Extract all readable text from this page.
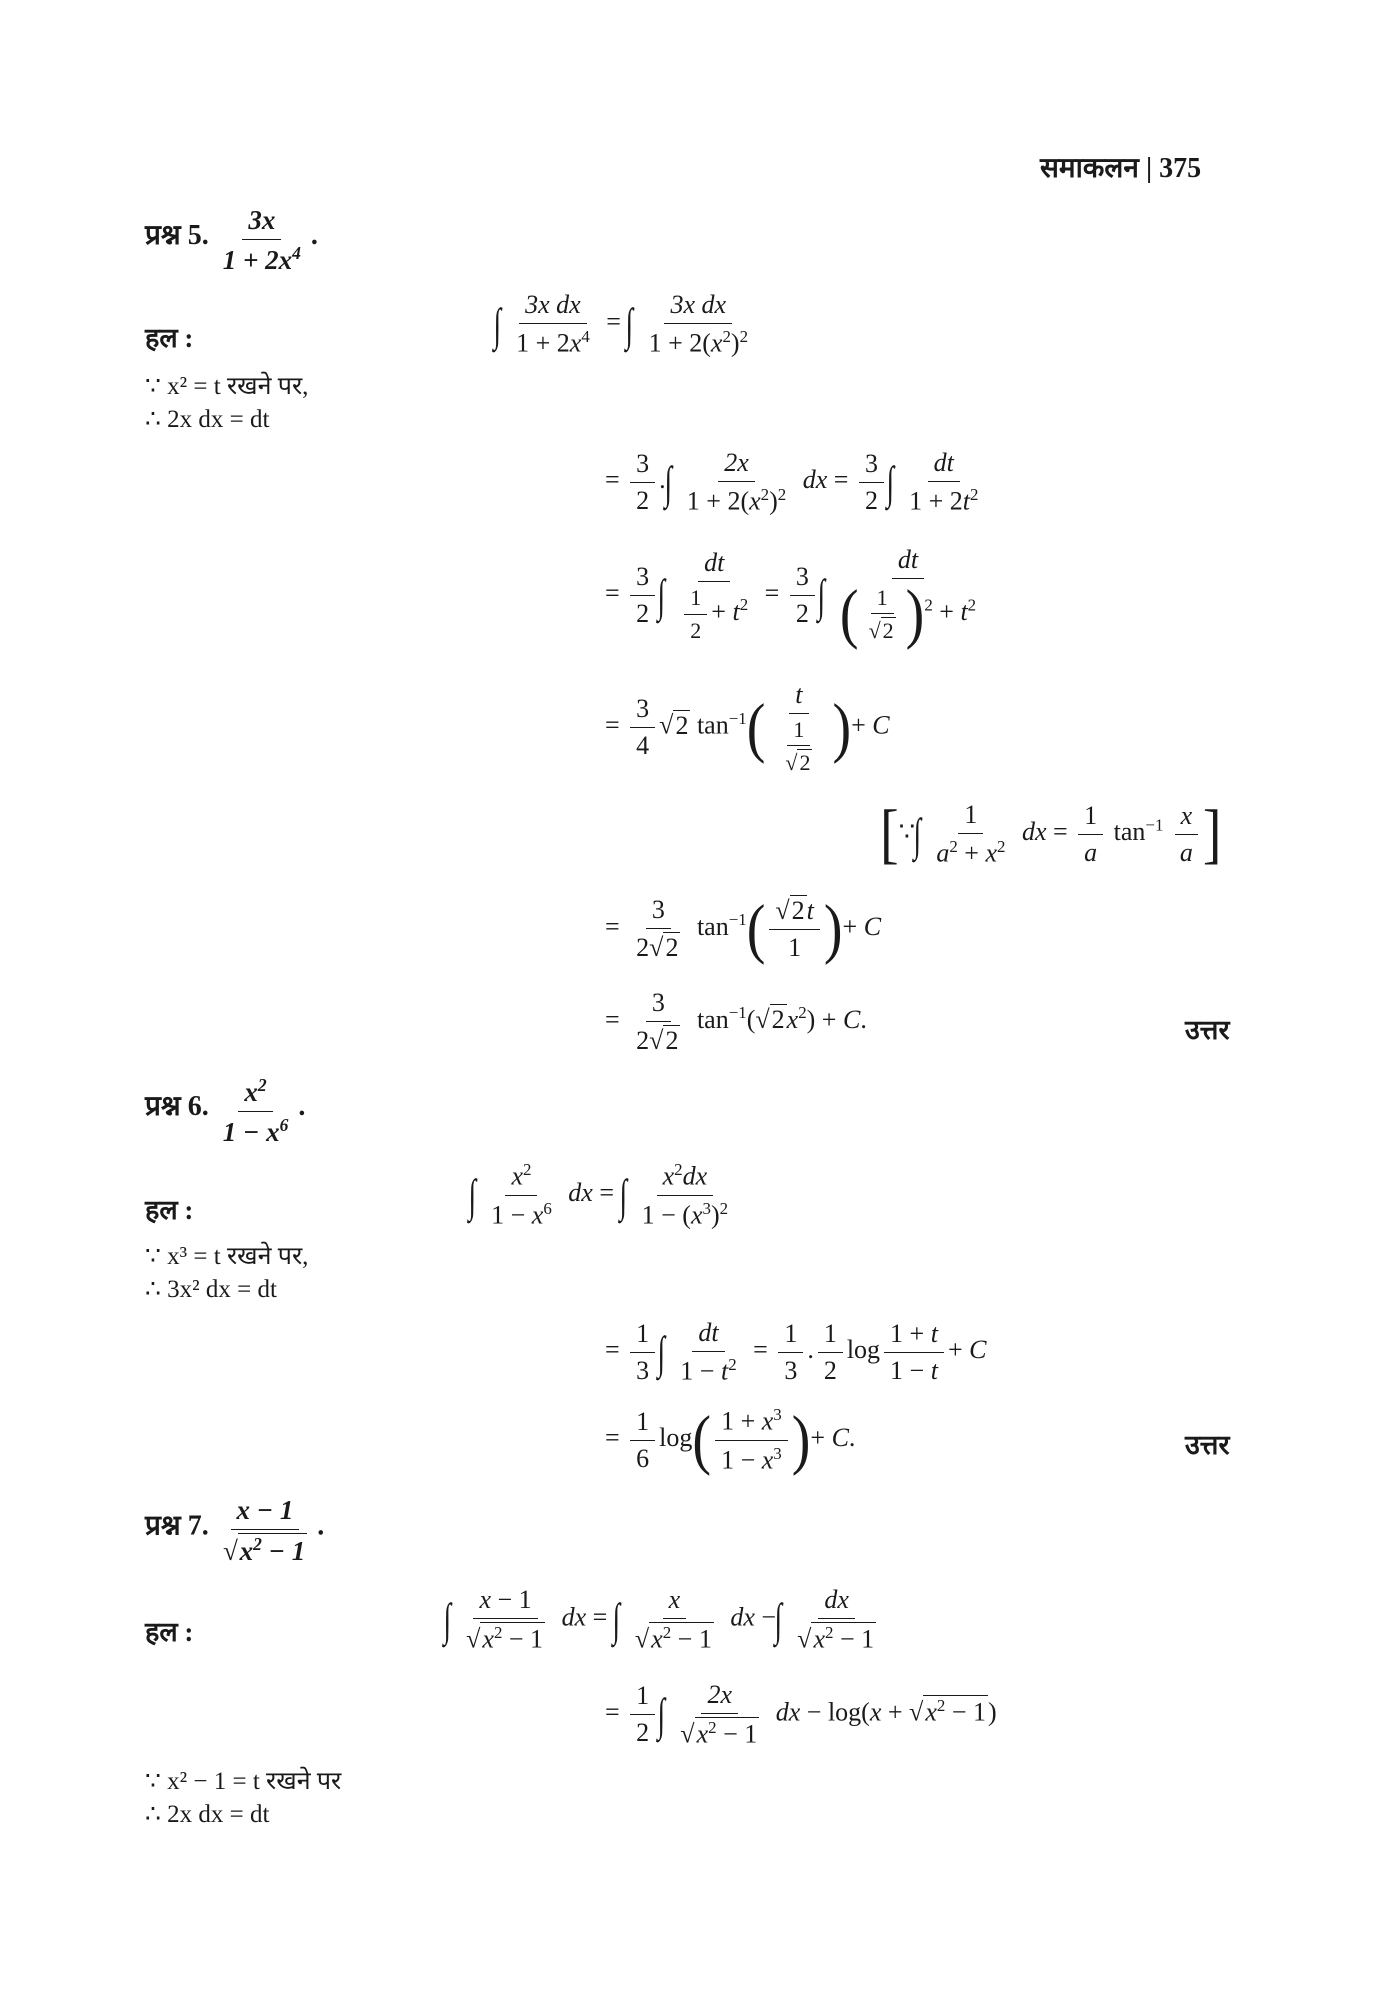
समाकलन | 375
प्रश्न 5. $\frac{3x}{1 + 2x^4}$ .
हल :
∵ x² = t रखने पर,
∴ 2x dx = dt
∫ $\frac{\text{3x dx}}{1 + 2x^4}$ = ∫ $\frac{\text{3x dx}}{1 + 2(x^2)^2}$
= $\frac{3}{2}$ .∫ $\frac{2x}{1 + 2(x^2)^2}$ dx = $\frac{3}{2}$ ∫ $\frac{dt}{1 + 2t^2}$
= $\frac{3}{2}$ ∫ $\frac{dt}{\frac{1}{2} + t^2} = \frac{3}{2}$ ∫ $\frac{dt}{( \frac{1}{√2} )^2 + t^2}$
= $\frac{3}{4} √2$ $\tan^{-1}( \frac{t}{\frac{1}{√2}}$ )+ C
[∵∫ $\frac{1}{a^2 + x^2}$ dx = $\frac{1}{a} \tan^{-1} \frac{x}{a}$ ]
= $\frac{3}{2√2} \tan^{-1}( \frac{√2t}{1}$ )+ C
= $\frac{3}{2√2} \tan^{-1}(√2x^2) + C$.	उत्तर
प्रश्न 6. $\frac{x^2}{1 - x^6}$ .
हल :
∵ x³ = t रखने पर,
∴ 3x² dx = dt
∫ $\frac{x^2}{1 - x^6}$ dx = ∫ $\frac{x^2dx}{1 - (x^3)^2}$
= $\frac{1}{3}$ ∫ $\frac{dt}{1 - t^2} = \frac{1}{3}$ . $\frac{1}{2}$ $\log \frac{1 + t}{1 - t} + C$
= $\frac{1}{6} \log( \frac{1 + x^3}{1 - x^3}$ )+ C.	उत्तर
प्रश्न 7. $\frac{x - 1}{√x^2 - 1}$ .
हल :	∫ $\frac{x - 1}{√x^2 - 1}$ dx = ∫ $\frac{x}{√x^2 - 1}$ dx −∫ $\frac{dx}{√x^2 - 1}$
= $\frac{1}{2}$ ∫ $\frac{2x}{√x^2 - 1}$ dx − $\log(x + √x^2 - 1)$
∵ x² − 1 = t रखने पर
∴ 2x dx = dt
